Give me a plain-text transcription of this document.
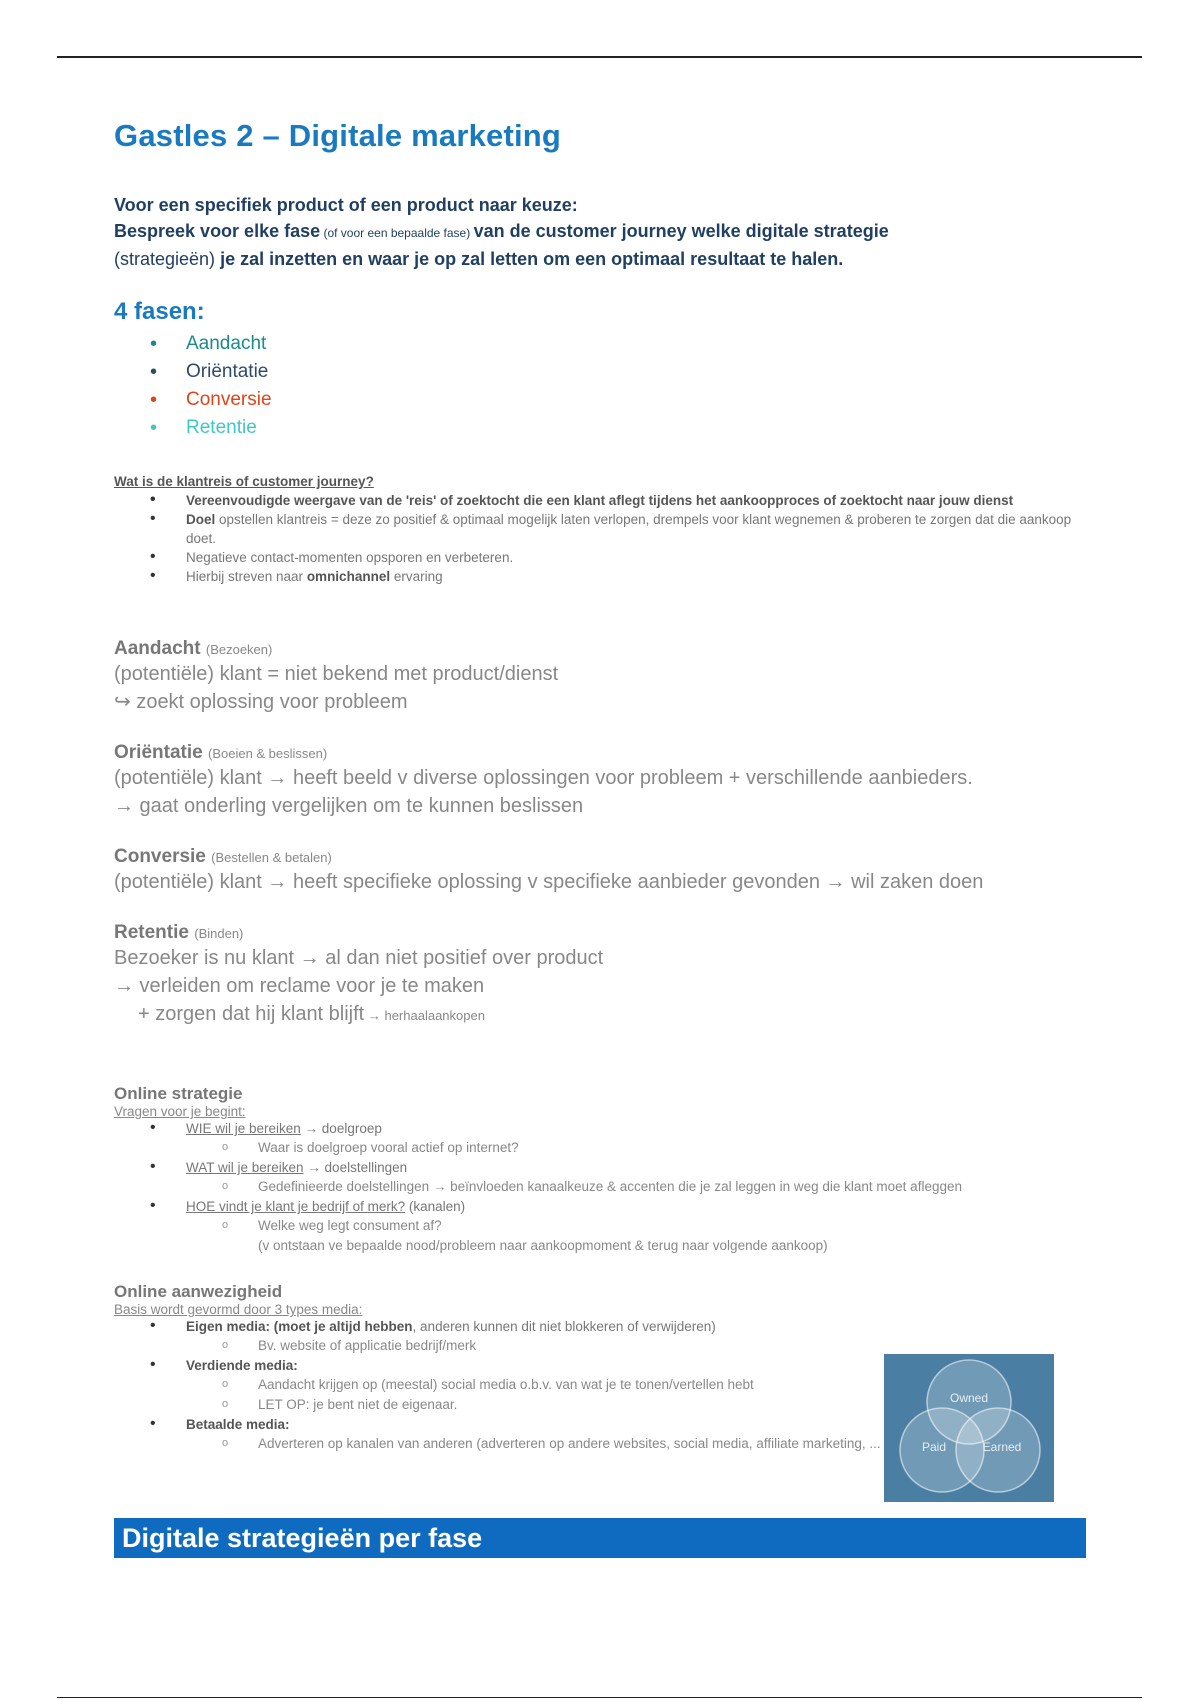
Gastles 2 – Digitale marketing
Voor een specifiek product of een product naar keuze:
Bespreek voor elke fase (of voor een bepaalde fase) van de customer journey welke digitale strategie
(strategieën) je zal inzetten en waar je op zal letten om een optimaal resultaat te halen.
4 fasen:
• Aandacht
• Oriëntatie
• Conversie
• Retentie
Wat is de klantreis of customer journey?
• Vereenvoudigde weergave van de 'reis' of zoektocht die een klant aflegt tijdens het aankoopproces of zoektocht naar jouw dienst
• Doel opstellen klantreis = deze zo positief & optimaal mogelijk laten verlopen, drempels voor klant wegnemen & proberen te zorgen dat die aankoop doet.
• Negatieve contact-momenten opsporen en verbeteren.
• Hierbij streven naar omnichannel ervaring
Aandacht (Bezoeken)
(potentiële) klant = niet bekend met product/dienst
↪ zoekt oplossing voor probleem
Oriëntatie (Boeien & beslissen)
(potentiële) klant → heeft beeld v diverse oplossingen voor probleem + verschillende aanbieders.
→ gaat onderling vergelijken om te kunnen beslissen
Conversie (Bestellen & betalen)
(potentiële) klant → heeft specifieke oplossing v specifieke aanbieder gevonden → wil zaken doen
Retentie (Binden)
Bezoeker is nu klant → al dan niet positief over product
→ verleiden om reclame voor je te maken
+ zorgen dat hij klant blijft → herhaalaankopen
Online strategie
Vragen voor je begint:
• WIE wil je bereiken → doelgroep
o Waar is doelgroep vooral actief op internet?
• WAT wil je bereiken → doelstellingen
o Gedefinieerde doelstellingen → beïnvloeden kanaalkeuze & accenten die je zal leggen in weg die klant moet afleggen
• HOE vindt je klant je bedrijf of merk? (kanalen)
o Welke weg legt consument af?
(v ontstaan ve bepaalde nood/probleem naar aankoopmoment & terug naar volgende aankoop)
Online aanwezigheid
Basis wordt gevormd door 3 types media:
• Eigen media: (moet je altijd hebben, anderen kunnen dit niet blokkeren of verwijderen)
o Bv. website of applicatie bedrijf/merk
• Verdiende media:
o Aandacht krijgen op (meestal) social media o.b.v. van wat je te tonen/vertellen hebt
o LET OP: je bent niet de eigenaar.
• Betaalde media:
o Adverteren op kanalen van anderen (adverteren op andere websites, social media, affiliate marketing, ...
Owned
Paid	Earned
Digitale strategieën per fase
